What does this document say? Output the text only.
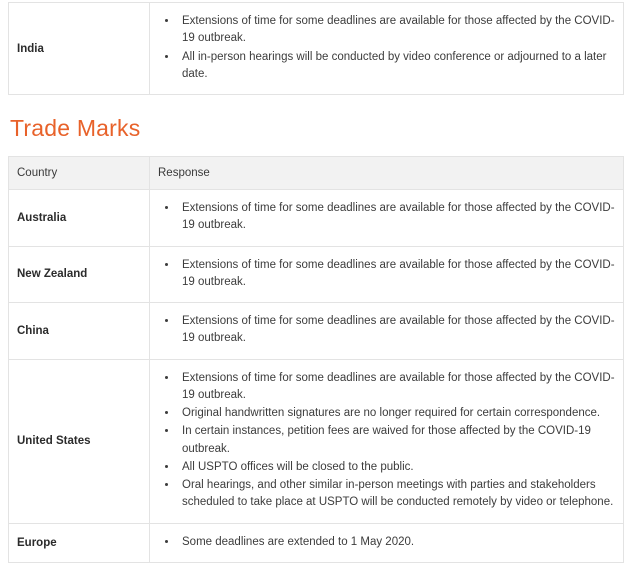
India	
• Extensions of time for some deadlines are available for those affected by the COVID-19 outbreak.
• All in-person hearings will be conducted by video conference or adjourned to a later date.
Trade Marks
Country	Response
Australia	
• Extensions of time for some deadlines are available for those affected by the COVID-19 outbreak.

New Zealand	
• Extensions of time for some deadlines are available for those affected by the COVID-19 outbreak.

China	
• Extensions of time for some deadlines are available for those affected by the COVID-19 outbreak.

United States	
• Extensions of time for some deadlines are available for those affected by the COVID-19 outbreak.
• Original handwritten signatures are no longer required for certain correspondence.
• In certain instances, petition fees are waived for those affected by the COVID-19 outbreak.
• All USPTO offices will be closed to the public.
• Oral hearings, and other similar in-person meetings with parties and stakeholders scheduled to take place at USPTO will be conducted remotely by video or telephone.

Europe	
•Some deadlines are extended to 1 May 2020.
